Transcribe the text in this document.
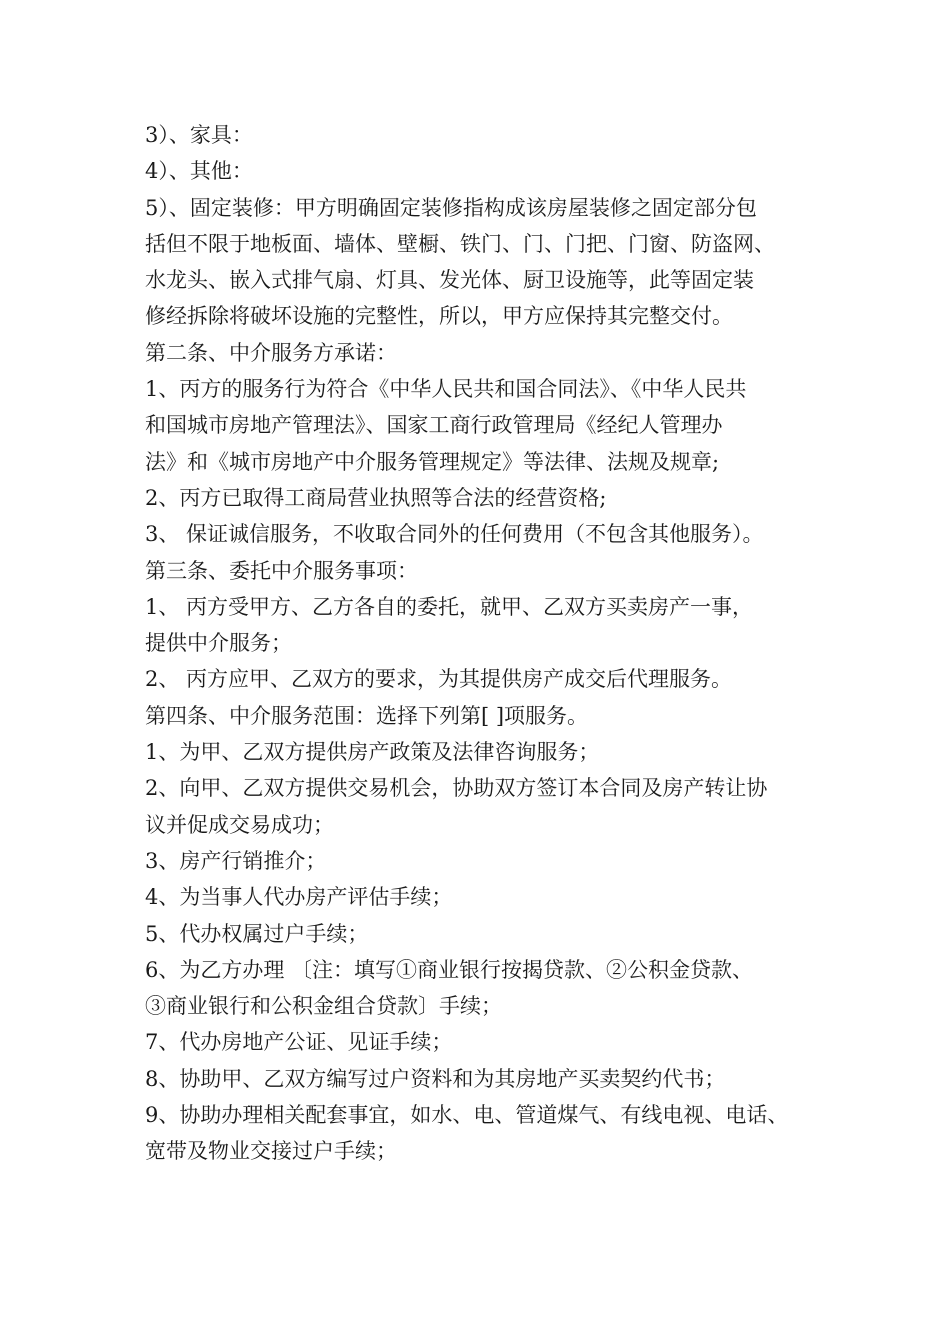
3）、家具：
4）、其他：
5）、固定装修：甲方明确固定装修指构成该房屋装修之固定部分包
括但不限于地板面、墙体、壁橱、铁门、门、门把、门窗、防盗网、
水龙头、嵌入式排气扇、灯具、发光体、厨卫设施等，此等固定装
修经拆除将破坏设施的完整性，所以，甲方应保持其完整交付。
第二条、中介服务方承诺：
1、丙方的服务行为符合《中华人民共和国合同法》、《中华人民共
和国城市房地产管理法》、国家工商行政管理局《经纪人管理办
法》和《城市房地产中介服务管理规定》等法律、法规及规章;
2、丙方已取得工商局营业执照等合法的经营资格;
3、 保证诚信服务，不收取合同外的任何费用（不包含其他服务）。
第三条、委托中介服务事项：
1、 丙方受甲方、乙方各自的委托，就甲、乙双方买卖房产一事，
提供中介服务；
2、 丙方应甲、乙双方的要求，为其提供房产成交后代理服务。
第四条、中介服务范围：选择下列第[ ]项服务。
1、为甲、乙双方提供房产政策及法律咨询服务；
2、向甲、乙双方提供交易机会，协助双方签订本合同及房产转让协
议并促成交易成功；
3、房产行销推介；
4、为当事人代办房产评估手续；
5、代办权属过户手续；
6、为乙方办理 〔注：填写①商业银行按揭贷款、②公积金贷款、
③商业银行和公积金组合贷款〕手续；
7、代办房地产公证、见证手续；
8、协助甲、乙双方编写过户资料和为其房地产买卖契约代书；
9、协助办理相关配套事宜，如水、电、管道煤气、有线电视、电话、
宽带及物业交接过户手续；
